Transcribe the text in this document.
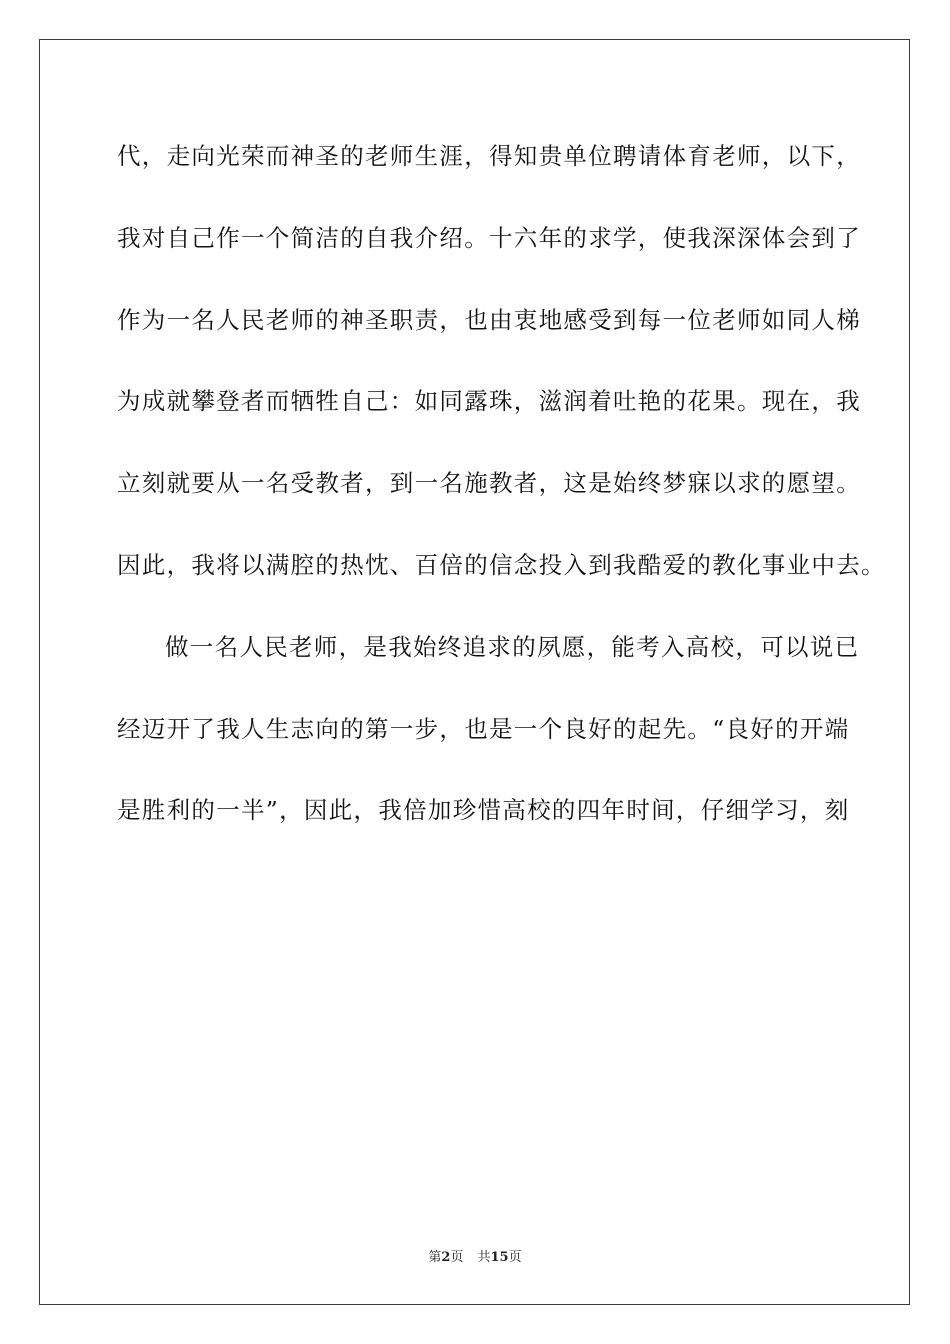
代，走向光荣而神圣的老师生涯，得知贵单位聘请体育老师，以下，
我对自己作一个简洁的自我介绍。十六年的求学，使我深深体会到了
作为一名人民老师的神圣职责，也由衷地感受到每一位老师如同人梯
为成就攀登者而牺牲自己：如同露珠，滋润着吐艳的花果。现在，我
立刻就要从一名受教者，到一名施教者，这是始终梦寐以求的愿望。
因此，我将以满腔的热忱、百倍的信念投入到我酷爱的教化事业中去。
做一名人民老师，是我始终追求的夙愿，能考入高校，可以说已
经迈开了我人生志向的第一步，也是一个良好的起先。“良好的开端
是胜利的一半”，因此，我倍加珍惜高校的四年时间，仔细学习，刻
第2页 共15页
